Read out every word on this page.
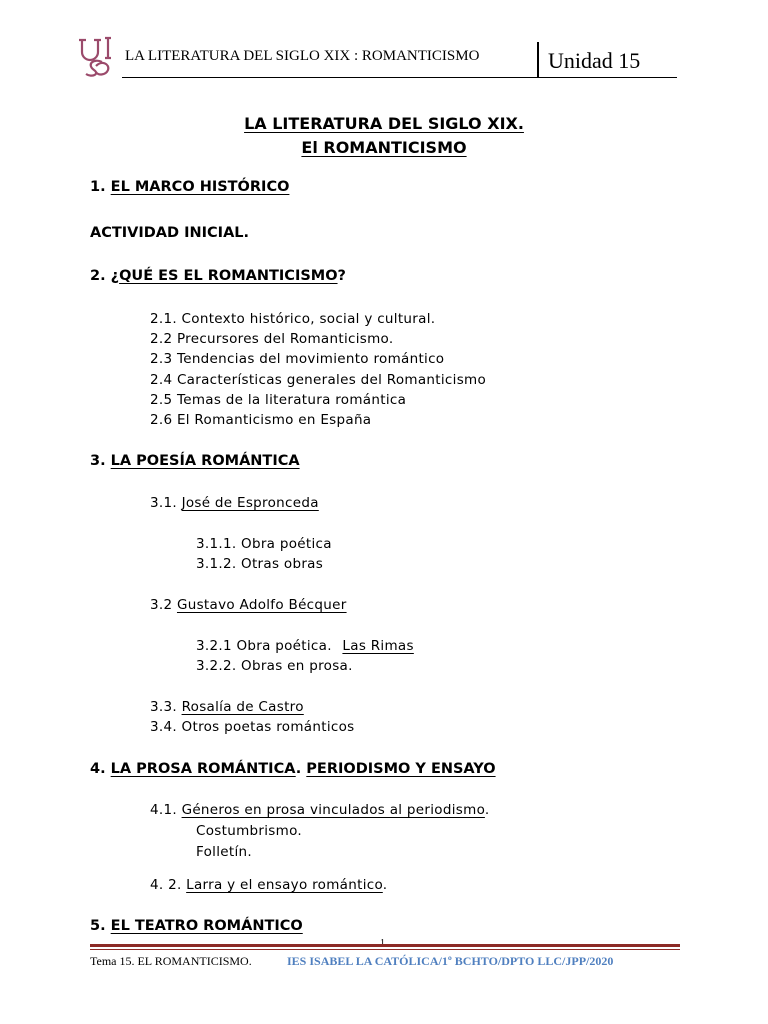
LA LITERATURA DEL SIGLO XIX : ROMANTICISMO	Unidad 15
LA LITERATURA DEL SIGLO XIX.
El ROMANTICISMO
1. EL MARCO HISTÓRICO
ACTIVIDAD INICIAL.
2. ¿QUÉ ES EL ROMANTICISMO?
2.1. Contexto histórico, social y cultural.
2.2 Precursores del Romanticismo.
2.3 Tendencias del movimiento romántico
2.4 Características generales del Romanticismo
2.5 Temas de la literatura romántica
2.6 El Romanticismo en España
3. LA POESÍA ROMÁNTICA
3.1. José de Espronceda
3.1.1. Obra poética
3.1.2. Otras obras
3.2 Gustavo Adolfo Bécquer
3.2.1 Obra poética. Las Rimas
3.2.2. Obras en prosa.
3.3. Rosalía de Castro
3.4. Otros poetas románticos
4. LA PROSA ROMÁNTICA. PERIODISMO Y ENSAYO
4.1. Géneros en prosa vinculados al periodismo.
Costumbrismo.
Folletín.
4. 2. Larra y el ensayo romántico.
5. EL TEATRO ROMÁNTICO
Tema 15. EL ROMANTICISMO.	IES ISABEL LA CATÓLICA/1º BCHTO/DPTO LLC/JPP/2020
